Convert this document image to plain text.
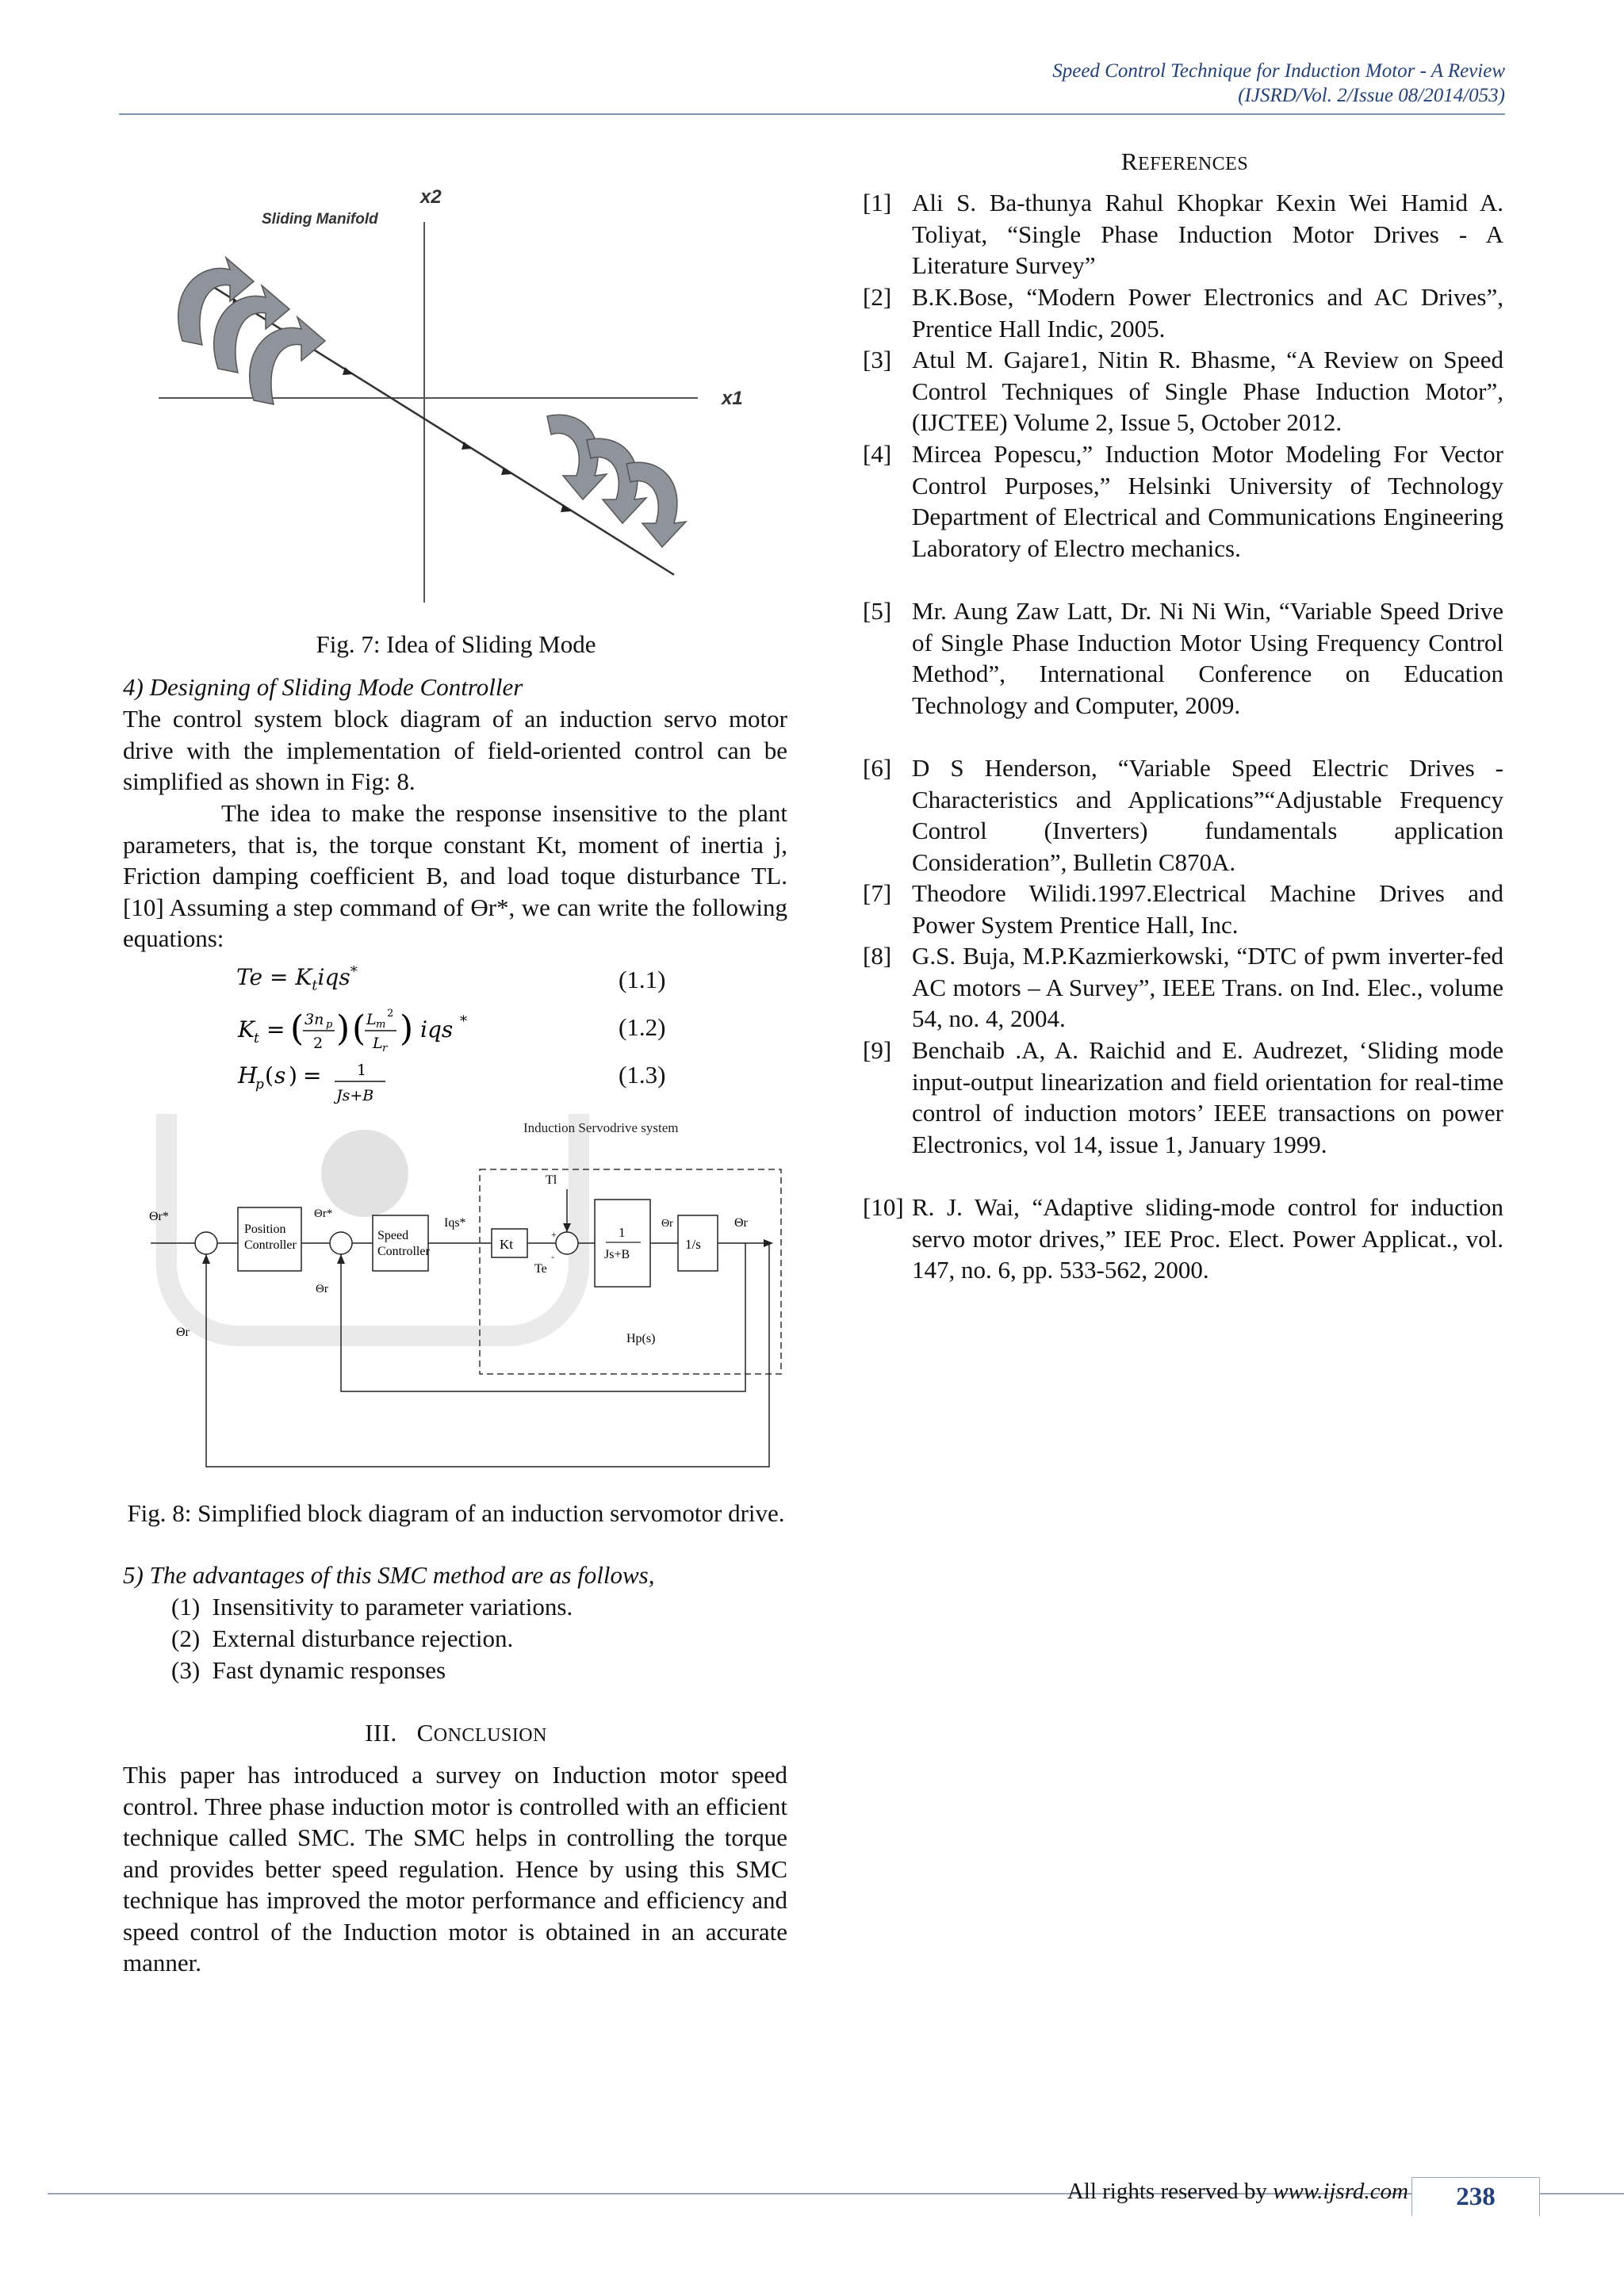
Speed Control Technique for Induction Motor - A Review
(IJSRD/Vol. 2/Issue 08/2014/053)
x2
x1
Sliding Manifold
Fig. 7: Idea of Sliding Mode
4) Designing of Sliding Mode Controller
The control system block diagram of an induction servo motor drive with the implementation of field-oriented control can be simplified as shown in Fig: 8.
The idea to make the response insensitive to the plant parameters, that is, the torque constant Kt, moment of inertia j, Friction damping coefficient B, and load toque disturbance TL. [10] Assuming a step command of Ɵr*, we can write the following equations:
$Te = K_tiqs^*$	(1.1)
K t = ( 3n p
2 ) ( L m
2
L r ) iqs *	(1.2)
H
p ( s ) = 1
Js+B
(1.3)
Induction Servodrive system
Position
Controller
Speed
Controller	Kt
1
Js+B
1/s
Θr*	Θr*
Iqs*
Tl
Te
Θr	Θr
Θr
Θr	Hp(s)
+
-
Fig. 8: Simplified block diagram of an induction servomotor drive.
5) The advantages of this SMC method are as follows,
(1) Insensitivity to parameter variations.
(2) External disturbance rejection.
(3) Fast dynamic responses
III. CONCLUSION
This paper has introduced a survey on Induction motor speed control. Three phase induction motor is controlled with an efficient technique called SMC. The SMC helps in controlling the torque and provides better speed regulation. Hence by using this SMC technique has improved the motor performance and efficiency and speed control of the Induction motor is obtained in an accurate manner.
REFERENCES
[1] Ali S. Ba-thunya Rahul Khopkar Kexin Wei Hamid A. Toliyat, “Single Phase Induction Motor Drives - A Literature Survey”
[2] B.K.Bose, “Modern Power Electronics and AC Drives”, Prentice Hall Indic, 2005.
[3] Atul M. Gajare1, Nitin R. Bhasme, “A Review on Speed Control Techniques of Single Phase Induction Motor”, (IJCTEE) Volume 2, Issue 5, October 2012.
[4] Mircea Popescu,” Induction Motor Modeling For Vector Control Purposes,” Helsinki University of Technology Department of Electrical and Communications Engineering Laboratory of Electro mechanics.
[5] Mr. Aung Zaw Latt, Dr. Ni Ni Win, “Variable Speed Drive of Single Phase Induction Motor Using Frequency Control Method”, International Conference on Education Technology and Computer, 2009.
[6] D S Henderson, “Variable Speed Electric Drives - Characteristics and Applications”“Adjustable Frequency Control (Inverters) fundamentals application Consideration”, Bulletin C870A.
[7] Theodore Wilidi.1997.Electrical Machine Drives and Power System Prentice Hall, Inc.
[8] G.S. Buja, M.P.Kazmierkowski, “DTC of pwm inverter-fed AC motors – A Survey”, IEEE Trans. on Ind. Elec., volume 54, no. 4, 2004.
[9] Benchaib .A, A. Raichid and E. Audrezet, ‘Sliding mode input-output linearization and field orientation for real-time control of induction motors’ IEEE transactions on power Electronics, vol 14, issue 1, January 1999.
[10] R. J. Wai, “Adaptive sliding-mode control for induction servo motor drives,” IEE Proc. Elect. Power Applicat., vol. 147, no. 6, pp. 533-562, 2000.
All rights reserved by www.ijsrd.com	238
